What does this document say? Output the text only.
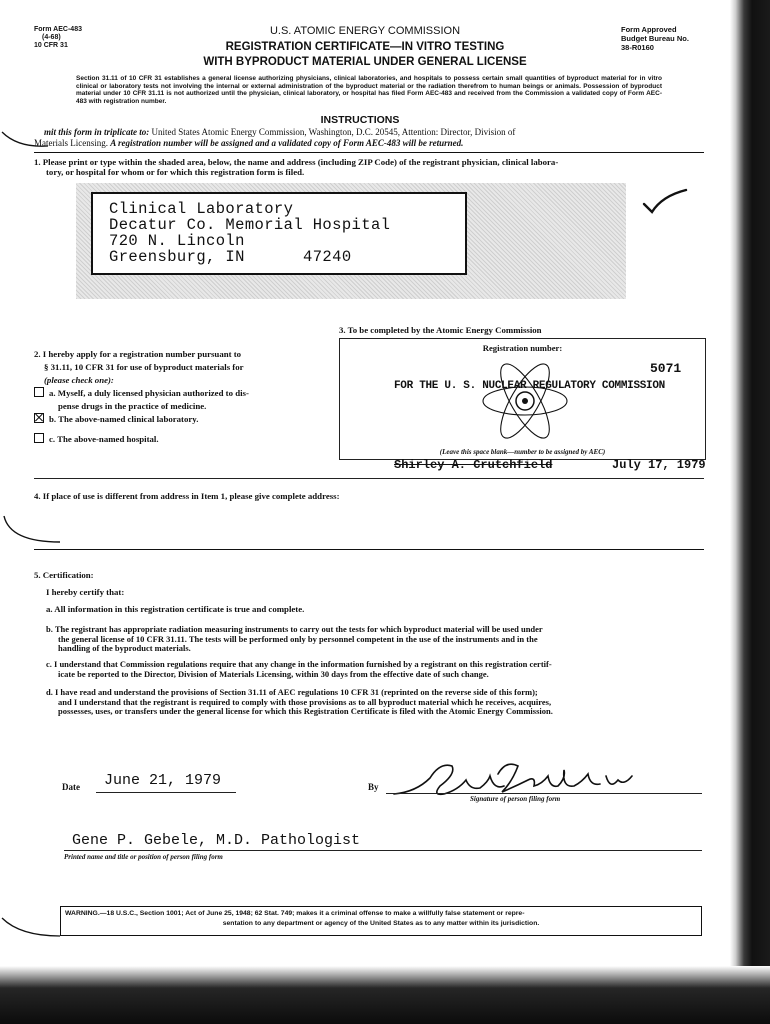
Form AEC-483
(4-68)
10 CFR 31
U.S. ATOMIC ENERGY COMMISSION
REGISTRATION CERTIFICATE—IN VITRO TESTING
WITH BYPRODUCT MATERIAL UNDER GENERAL LICENSE
Form Approved
Budget Bureau No.
38-R0160
Section 31.11 of 10 CFR 31 establishes a general license authorizing physicians, clinical laboratories, and hospitals to possess certain small quantities of byproduct material for in vitro clinical or laboratory tests not involving the internal or external administration of the byproduct material or the radiation therefrom to human beings or animals. Possession of byproduct material under 10 CFR 31.11 is not authorized until the physician, clinical laboratory, or hospital has filed Form AEC-483 and received from the Commission a validated copy of Form AEC-483 with registration number.
INSTRUCTIONS
mit this form in triplicate to: United States Atomic Energy Commission, Washington, D.C. 20545, Attention: Director, Division of
Materials Licensing. A registration number will be assigned and a validated copy of Form AEC-483 will be returned.
1. Please print or type within the shaded area, below, the name and address (including ZIP Code) of the registrant physician, clinical labora-
tory, or hospital for whom or for which this registration form is filed.
Clinical Laboratory
Decatur Co. Memorial Hospital
720 N. Lincoln
Greensburg, IN      47240
3. To be completed by the Atomic Energy Commission
2. I hereby apply for a registration number pursuant to
§ 31.11, 10 CFR 31 for use of byproduct materials for
(please check one):
a. Myself, a duly licensed physician authorized to dis-
pense drugs in the practice of medicine.
b. The above-named clinical laboratory.
c. The above-named hospital.
Registration number:
5071
FOR THE U. S. NUCLEAR REGULATORY COMMISSION
(Leave this space blank—number to be assigned by AEC)
Shirley A. Crutchfield	July 17, 1979
4. If place of use is different from address in Item 1, please give complete address:
5. Certification:
I hereby certify that:
a. All information in this registration certificate is true and complete.
b. The registrant has appropriate radiation measuring instruments to carry out the tests for which byproduct material will be used under
the general license of 10 CFR 31.11. The tests will be performed only by personnel competent in the use of the instruments and in the
handling of the byproduct materials.
c. I understand that Commission regulations require that any change in the information furnished by a registrant on this registration certif-
icate be reported to the Director, Division of Materials Licensing, within 30 days from the effective date of such change.
d. I have read and understand the provisions of Section 31.11 of AEC regulations 10 CFR 31 (reprinted on the reverse side of this form);
and I understand that the registrant is required to comply with those provisions as to all byproduct material which he receives, acquires,
possesses, uses, or transfers under the general license for which this Registration Certificate is filed with the Atomic Energy Commission.
Date June 21, 1979	By
Signature of person filing form
Gene P. Gebele, M.D. Pathologist
Printed name and title or position of person filing form
WARNING.—18 U.S.C., Section 1001; Act of June 25, 1948; 62 Stat. 749; makes it a criminal offense to make a willfully false statement or repre-
sentation to any department or agency of the United States as to any matter within its jurisdiction.
